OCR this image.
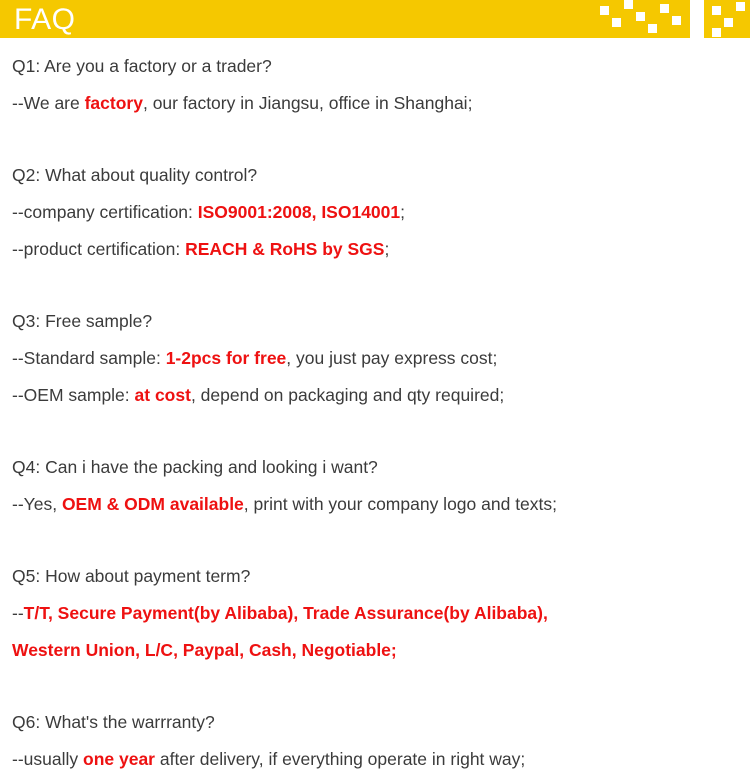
FAQ
Q1: Are you a factory or a trader?
--We are factory, our factory in Jiangsu, office in Shanghai;
Q2: What about quality control?
--company certification: ISO9001:2008, ISO14001;
--product certification: REACH & RoHS by SGS;
Q3: Free sample?
--Standard sample: 1-2pcs for free, you just pay express cost;
--OEM sample: at cost, depend on packaging and qty required;
Q4: Can i have the packing and looking i want?
--Yes, OEM & ODM available, print with your company logo and texts;
Q5: How about payment term?
--T/T, Secure Payment(by Alibaba), Trade Assurance(by Alibaba),
Western Union, L/C, Paypal, Cash, Negotiable;
Q6: What's the warrranty?
--usually one year after delivery, if everything operate in right way;
